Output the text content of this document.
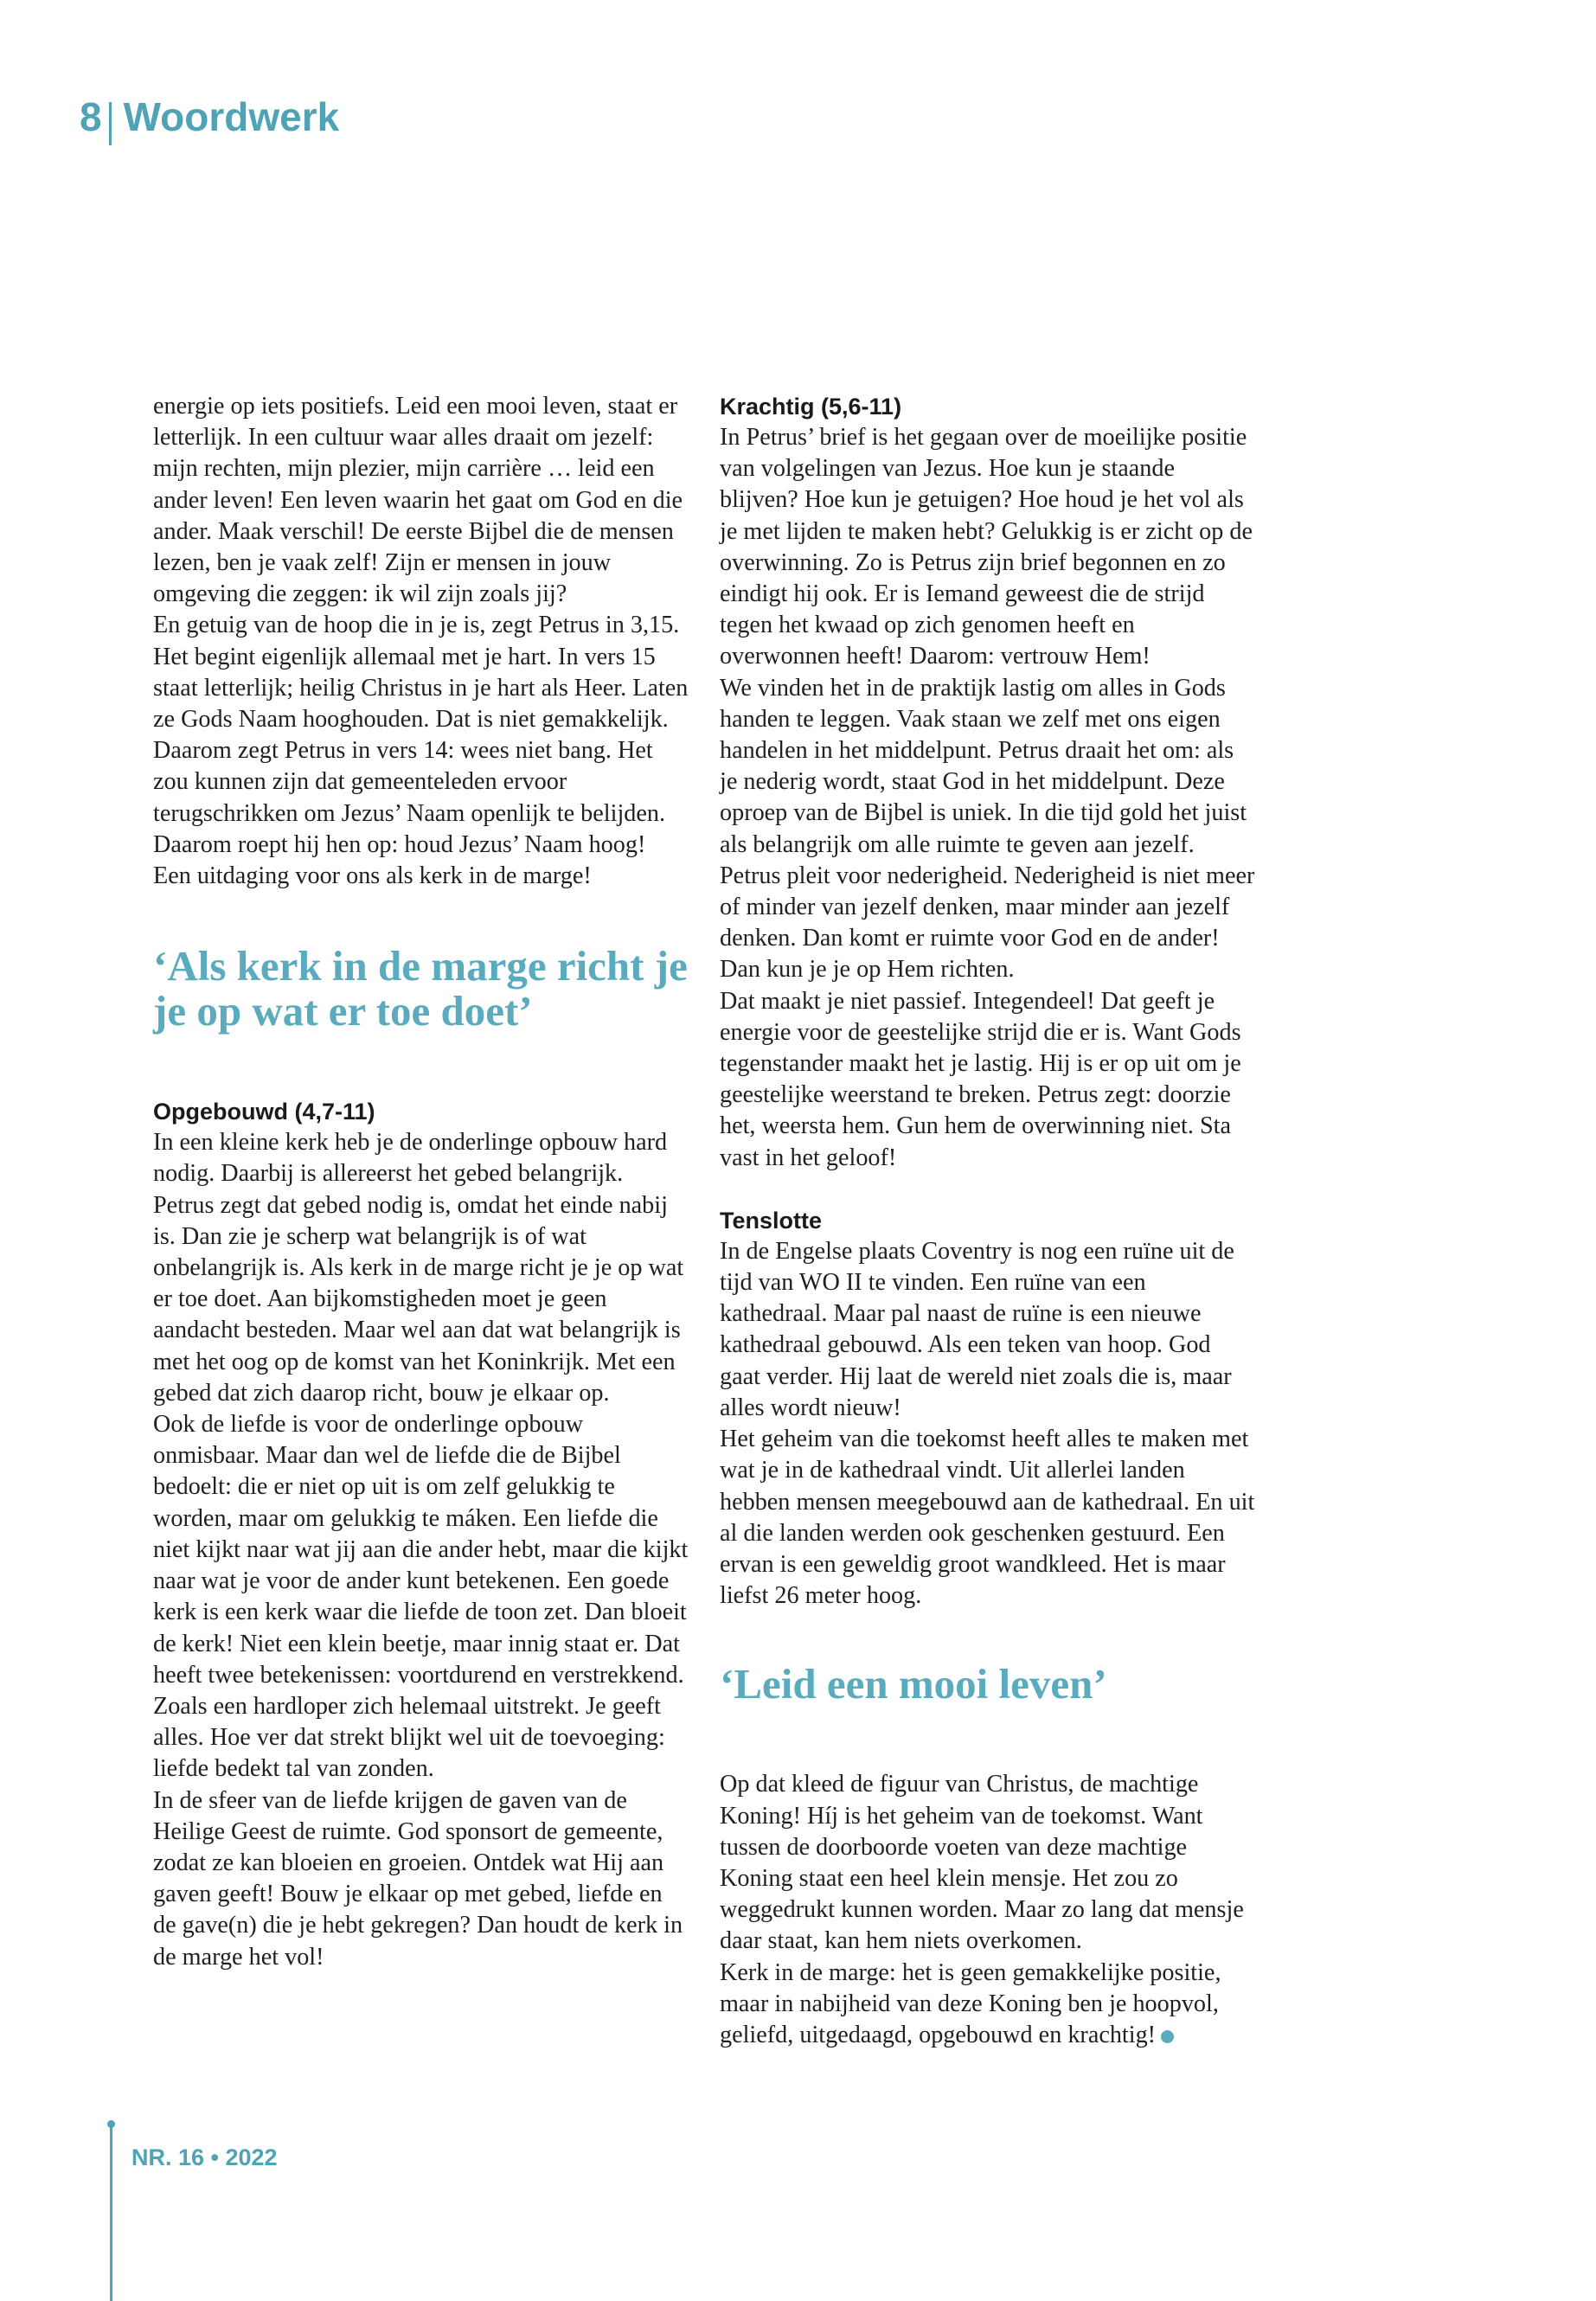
8 Woordwerk

energie op iets positiefs. Leid een mooi leven, staat er letterlijk. In een cultuur waar alles draait om jezelf: mijn rechten, mijn plezier, mijn carrière … leid een ander leven! Een leven waarin het gaat om God en die ander. Maak verschil! De eerste Bijbel die de mensen lezen, ben je vaak zelf! Zijn er mensen in jouw omgeving die zeggen: ik wil zijn zoals jij?

En getuig van de hoop die in je is, zegt Petrus in 3,15. Het begint eigenlijk allemaal met je hart. In vers 15 staat letterlijk; heilig Christus in je hart als Heer. Laten ze Gods Naam hooghouden. Dat is niet gemakkelijk. Daarom zegt Petrus in vers 14: wees niet bang. Het zou kunnen zijn dat gemeenteleden ervoor terugschrikken om Jezus’ Naam openlijk te belijden. Daarom roept hij hen op: houd Jezus’ Naam hoog! Een uitdaging voor ons als kerk in de marge!

‘Als kerk in de marge richt je je op wat er toe doet’
Opgebouwd (4,7-11)

In een kleine kerk heb je de onderlinge opbouw hard nodig. Daarbij is allereerst het gebed belangrijk. Petrus zegt dat gebed nodig is, omdat het einde nabij is. Dan zie je scherp wat belangrijk is of wat onbelangrijk is. Als kerk in de marge richt je je op wat er toe doet. Aan bijkomstigheden moet je geen aandacht besteden. Maar wel aan dat wat belangrijk is met het oog op de komst van het Koninkrijk. Met een gebed dat zich daarop richt, bouw je elkaar op.

Ook de liefde is voor de onderlinge opbouw onmisbaar. Maar dan wel de liefde die de Bijbel bedoelt: die er niet op uit is om zelf gelukkig te worden, maar om gelukkig te máken. Een liefde die niet kijkt naar wat jij aan die ander hebt, maar die kijkt naar wat je voor de ander kunt betekenen. Een goede kerk is een kerk waar die liefde de toon zet. Dan bloeit de kerk! Niet een klein beetje, maar innig staat er. Dat heeft twee betekenissen: voortdurend en verstrekkend. Zoals een hardloper zich helemaal uitstrekt. Je geeft alles. Hoe ver dat strekt blijkt wel uit de toevoeging: liefde bedekt tal van zonden.

In de sfeer van de liefde krijgen de gaven van de Heilige Geest de ruimte. God sponsort de gemeente, zodat ze kan bloeien en groeien. Ontdek wat Hij aan gaven geeft! Bouw je elkaar op met gebed, liefde en de gave(n) die je hebt gekregen? Dan houdt de kerk in de marge het vol!

Krachtig (5,6-11)

In Petrus’ brief is het gegaan over de moeilijke positie van volgelingen van Jezus. Hoe kun je staande blijven? Hoe kun je getuigen? Hoe houd je het vol als je met lijden te maken hebt? Gelukkig is er zicht op de overwinning. Zo is Petrus zijn brief begonnen en zo eindigt hij ook. Er is Iemand geweest die de strijd tegen het kwaad op zich genomen heeft en overwonnen heeft! Daarom: vertrouw Hem!

We vinden het in de praktijk lastig om alles in Gods handen te leggen. Vaak staan we zelf met ons eigen handelen in het middelpunt. Petrus draait het om: als je nederig wordt, staat God in het middelpunt. Deze oproep van de Bijbel is uniek. In die tijd gold het juist als belangrijk om alle ruimte te geven aan jezelf. Petrus pleit voor nederigheid. Nederigheid is niet meer of minder van jezelf denken, maar minder aan jezelf denken. Dan komt er ruimte voor God en de ander! Dan kun je je op Hem richten.

Dat maakt je niet passief. Integendeel! Dat geeft je energie voor de geestelijke strijd die er is. Want Gods tegenstander maakt het je lastig. Hij is er op uit om je geestelijke weerstand te breken. Petrus zegt: doorzie het, weersta hem. Gun hem de overwinning niet. Sta vast in het geloof!

Tenslotte

In de Engelse plaats Coventry is nog een ruïne uit de tijd van WO II te vinden. Een ruïne van een kathedraal. Maar pal naast de ruïne is een nieuwe kathedraal gebouwd. Als een teken van hoop. God gaat verder. Hij laat de wereld niet zoals die is, maar alles wordt nieuw!

Het geheim van die toekomst heeft alles te maken met wat je in de kathedraal vindt. Uit allerlei landen hebben mensen meegebouwd aan de kathedraal. En uit al die landen werden ook geschenken gestuurd. Een ervan is een geweldig groot wandkleed. Het is maar liefst 26 meter hoog.

‘Leid een mooi leven’

Op dat kleed de figuur van Christus, de machtige Koning! Híj is het geheim van de toekomst. Want tussen de doorboorde voeten van deze machtige Koning staat een heel klein mensje. Het zou zo weggedrukt kunnen worden. Maar zo lang dat mensje daar staat, kan hem niets overkomen.

Kerk in de marge: het is geen gemakkelijke positie, maar in nabijheid van deze Koning ben je hoopvol, geliefd, uitgedaagd, opgebouwd en krachtig!

NR. 16 • 2022
